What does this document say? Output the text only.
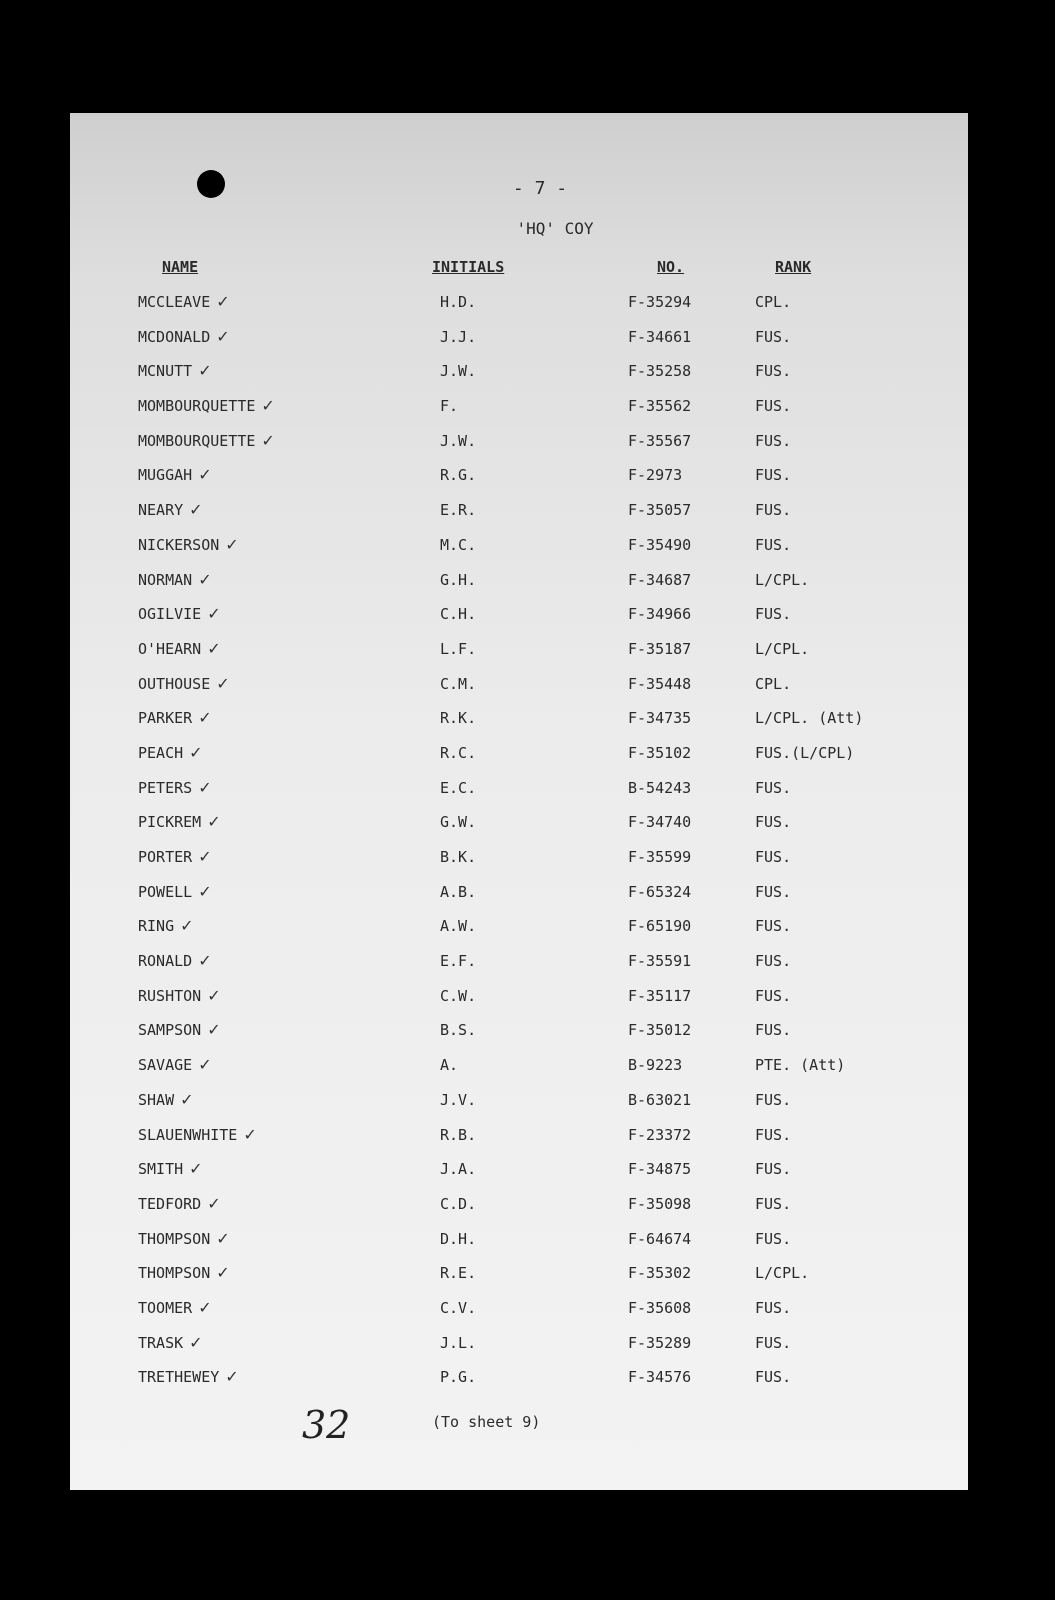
- 7 -
'HQ' COY
NAME	INITIALS	NO.	RANK
MCCLEAVE ✓	H.D.	F-35294	CPL.
MCDONALD ✓	J.J.	F-34661	FUS.
MCNUTT ✓	J.W.	F-35258	FUS.
MOMBOURQUETTE ✓	F.	F-35562	FUS.
MOMBOURQUETTE ✓	J.W.	F-35567	FUS.
MUGGAH ✓	R.G.	F-2973	FUS.
NEARY ✓	E.R.	F-35057	FUS.
NICKERSON ✓	M.C.	F-35490	FUS.
NORMAN ✓	G.H.	F-34687	L/CPL.
OGILVIE ✓	C.H.	F-34966	FUS.
O'HEARN ✓	L.F.	F-35187	L/CPL.
OUTHOUSE ✓	C.M.	F-35448	CPL.
PARKER ✓	R.K.	F-34735	L/CPL. (Att)
PEACH ✓	R.C.	F-35102	FUS.(L/CPL)
PETERS ✓	E.C.	B-54243	FUS.
PICKREM ✓	G.W.	F-34740	FUS.
PORTER ✓	B.K.	F-35599	FUS.
POWELL ✓	A.B.	F-65324	FUS.
RING ✓	A.W.	F-65190	FUS.
RONALD ✓	E.F.	F-35591	FUS.
RUSHTON ✓	C.W.	F-35117	FUS.
SAMPSON ✓	B.S.	F-35012	FUS.
SAVAGE ✓	A.	B-9223	PTE. (Att)
SHAW ✓	J.V.	B-63021	FUS.
SLAUENWHITE ✓	R.B.	F-23372	FUS.
SMITH ✓	J.A.	F-34875	FUS.
TEDFORD ✓	C.D.	F-35098	FUS.
THOMPSON ✓	D.H.	F-64674	FUS.
THOMPSON ✓	R.E.	F-35302	L/CPL.
TOOMER ✓	C.V.	F-35608	FUS.
TRASK ✓	J.L.	F-35289	FUS.
TRETHEWEY ✓	P.G.	F-34576	FUS.
32	(To sheet 9)
